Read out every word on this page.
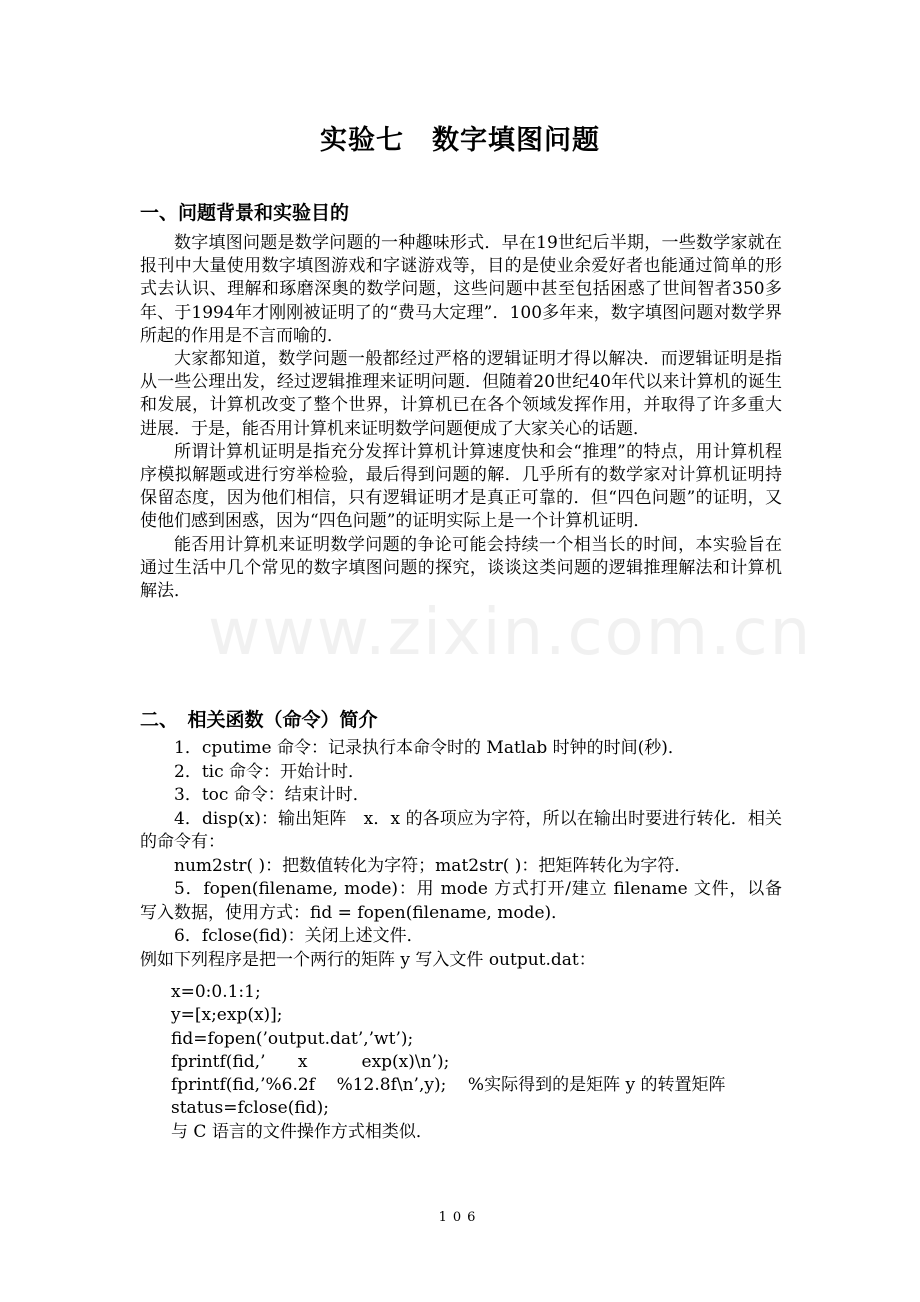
www.zixin.com.cn
实验七　数字填图问题
一、问题背景和实验目的

数字填图问题是数学问题的一种趣味形式．早在19世纪后半期，一些数学家就在报刊中大量使用数字填图游戏和字谜游戏等，目的是使业余爱好者也能通过简单的形式去认识、理解和琢磨深奥的数学问题，这些问题中甚至包括困惑了世间智者350多年、于1994年才刚刚被证明了的“费马大定理”．100多年来，数字填图问题对数学界所起的作用是不言而喻的．

大家都知道，数学问题一般都经过严格的逻辑证明才得以解决．而逻辑证明是指从一些公理出发，经过逻辑推理来证明问题．但随着20世纪40年代以来计算机的诞生和发展，计算机改变了整个世界，计算机已在各个领域发挥作用，并取得了许多重大进展．于是，能否用计算机来证明数学问题便成了大家关心的话题．

所谓计算机证明是指充分发挥计算机计算速度快和会“推理”的特点，用计算机程序模拟解题或进行穷举检验，最后得到问题的解．几乎所有的数学家对计算机证明持保留态度，因为他们相信，只有逻辑证明才是真正可靠的．但“四色问题”的证明，又使他们感到困惑，因为“四色问题”的证明实际上是一个计算机证明．

能否用计算机来证明数学问题的争论可能会持续一个相当长的时间，本实验旨在通过生活中几个常见的数字填图问题的探究，谈谈这类问题的逻辑推理解法和计算机解法．

二、　相关函数（命令）简介

1．cputime 命令：记录执行本命令时的 Matlab 时钟的时间(秒)．

2．tic 命令：开始计时．

3．toc 命令：结束计时．

4．disp(x)：输出矩阵　x．x 的各项应为字符，所以在输出时要进行转化．相关的命令有：

num2str( )：把数值转化为字符；mat2str( )：把矩阵转化为字符．

5．fopen(filename, mode)：用 mode 方式打开/建立 filename 文件，以备写入数据，使用方式：fid = fopen(filename, mode)．

6．fclose(fid)：关闭上述文件．

例如下列程序是把一个两行的矩阵 y 写入文件 output.dat：

x=0:0.1:1;
y=[x;exp(x)];
fid=fopen(’output.dat’,’wt’);
fprintf(fid,’      x          exp(x)\n’);
fprintf(fid,’%6.2f    %12.8f\n’,y);    %实际得到的是矩阵 y 的转置矩阵
status=fclose(fid);
与 C 语言的文件操作方式相类似．
106
